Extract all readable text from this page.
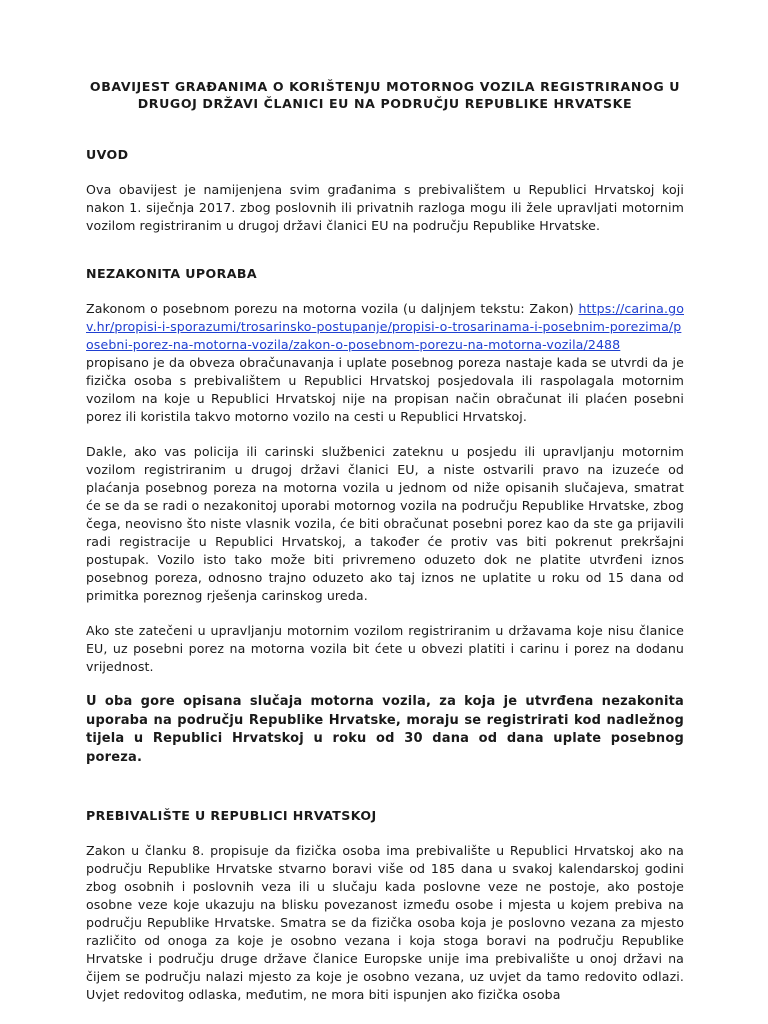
OBAVIJEST GRAĐANIMA O KORIŠTENJU MOTORNOG VOZILA REGISTRIRANOG U DRUGOJ DRŽAVI ČLANICI EU NA PODRUČJU REPUBLIKE HRVATSKE
UVOD

Ova obavijest je namijenjena svim građanima s prebivalištem u Republici Hrvatskoj koji nakon 1. siječnja 2017. zbog poslovnih ili privatnih razloga mogu ili žele upravljati motornim vozilom registriranim u drugoj državi članici EU na području Republike Hrvatske.

NEZAKONITA UPORABA

Zakonom o posebnom porezu na motorna vozila (u daljnjem tekstu: Zakon) https://carina.gov.hr/propisi-i-sporazumi/trosarinsko-postupanje/propisi-o-trosarinama-i-posebnim-porezima/posebni-porez-na-motorna-vozila/zakon-o-posebnom-porezu-na-motorna-vozila/2488 propisano je da obveza obračunavanja i uplate posebnog poreza nastaje kada se utvrdi da je fizička osoba s prebivalištem u Republici Hrvatskoj posjedovala ili raspolagala motornim vozilom na koje u Republici Hrvatskoj nije na propisan način obračunat ili plaćen posebni porez ili koristila takvo motorno vozilo na cesti u Republici Hrvatskoj.

Dakle, ako vas policija ili carinski službenici zateknu u posjedu ili upravljanju motornim vozilom registriranim u drugoj državi članici EU, a niste ostvarili pravo na izuzeće od plaćanja posebnog poreza na motorna vozila u jednom od niže opisanih slučajeva, smatrat će se da se radi o nezakonitoj uporabi motornog vozila na području Republike Hrvatske, zbog čega, neovisno što niste vlasnik vozila, će biti obračunat posebni porez kao da ste ga prijavili radi registracije u Republici Hrvatskoj, a također će protiv vas biti pokrenut prekršajni postupak. Vozilo isto tako može biti privremeno oduzeto dok ne platite utvrđeni iznos posebnog poreza, odnosno trajno oduzeto ako taj iznos ne uplatite u roku od 15 dana od primitka poreznog rješenja carinskog ureda.

Ako ste zatečeni u upravljanju motornim vozilom registriranim u državama koje nisu članice EU, uz posebni porez na motorna vozila bit ćete u obvezi platiti i carinu i porez na dodanu vrijednost.

U oba gore opisana slučaja motorna vozila, za koja je utvrđena nezakonita uporaba na području Republike Hrvatske, moraju se registrirati kod nadležnog tijela u Republici Hrvatskoj u roku od 30 dana od dana uplate posebnog poreza.

PREBIVALIŠTE U REPUBLICI HRVATSKOJ

Zakon u članku 8. propisuje da fizička osoba ima prebivalište u Republici Hrvatskoj ako na području Republike Hrvatske stvarno boravi više od 185 dana u svakoj kalendarskoj godini zbog osobnih i poslovnih veza ili u slučaju kada poslovne veze ne postoje, ako postoje osobne veze koje ukazuju na blisku povezanost između osobe i mjesta u kojem prebiva na području Republike Hrvatske. Smatra se da fizička osoba koja je poslovno vezana za mjesto različito od onoga za koje je osobno vezana i koja stoga boravi na području Republike Hrvatske i području druge države članice Europske unije ima prebivalište u onoj državi na čijem se području nalazi mjesto za koje je osobno vezana, uz uvjet da tamo redovito odlazi. Uvjet redovitog odlaska, međutim, ne mora biti ispunjen ako fizička osoba
